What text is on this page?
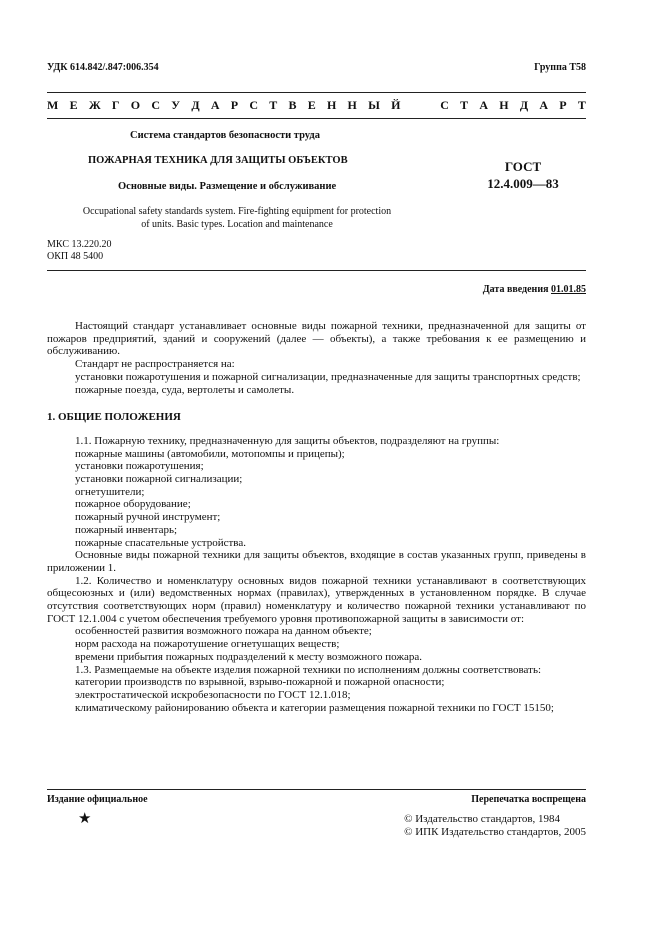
УДК 614.842/.847:006.354	Группа Т58
М Е Ж Г О С У Д А Р С Т В Е Н Н Ы Й

	С Т А Н Д А Р Т
Система стандартов безопасности труда
ПОЖАРНАЯ ТЕХНИКА ДЛЯ ЗАЩИТЫ ОБЪЕКТОВ
Основные виды. Размещение и обслуживание
ГОСТ
12.4.009—83
Occupational safety standards system. Fire-fighting equipment for protection
of units. Basic types. Location and maintenance
МКС 13.220.20
ОКП 48 5400
Дата введения 01.01.85

Настоящий стандарт устанавливает основные виды пожарной техники, предназначенной для защиты от пожаров предприятий, зданий и сооружений (далее — объекты), а также требования к ее размещению и обслуживанию.

Стандарт не распространяется на:

установки пожаротушения и пожарной сигнализации, предназначенные для защиты транспортных средств;

пожарные поезда, суда, вертолеты и самолеты.

1. ОБЩИЕ ПОЛОЖЕНИЯ

1.1. Пожарную технику, предназначенную для защиты объектов, подразделяют на группы:

пожарные машины (автомобили, мотопомпы и прицепы);

установки пожаротушения;

установки пожарной сигнализации;

огнетушители;

пожарное оборудование;

пожарный ручной инструмент;

пожарный инвентарь;

пожарные спасательные устройства.

Основные виды пожарной техники для защиты объектов, входящие в состав указанных групп, приведены в приложении 1.

1.2. Количество и номенклатуру основных видов пожарной техники устанавливают в соответствующих общесоюзных и (или) ведомственных нормах (правилах), утвержденных в установленном порядке. В случае отсутствия соответствующих норм (правил) номенклатуру и количество пожарной техники устанавливают по ГОСТ 12.1.004 с учетом обеспечения требуемого уровня противопожарной защиты в зависимости от:

особенностей развития возможного пожара на данном объекте;

норм расхода на пожаротушение огнетушащих веществ;

времени прибытия пожарных подразделений к месту возможного пожара.

1.3. Размещаемые на объекте изделия пожарной техники по исполнениям должны соответствовать:

категории производств по взрывной, взрыво-пожарной и пожарной опасности;

электростатической искробезопасности по ГОСТ 12.1.018;

климатическому районированию объекта и категории размещения пожарной техники по ГОСТ 15150;

Издание официальное	Перепечатка воспрещена
★	© Издательство стандартов, 1984
© ИПК Издательство стандартов, 2005
